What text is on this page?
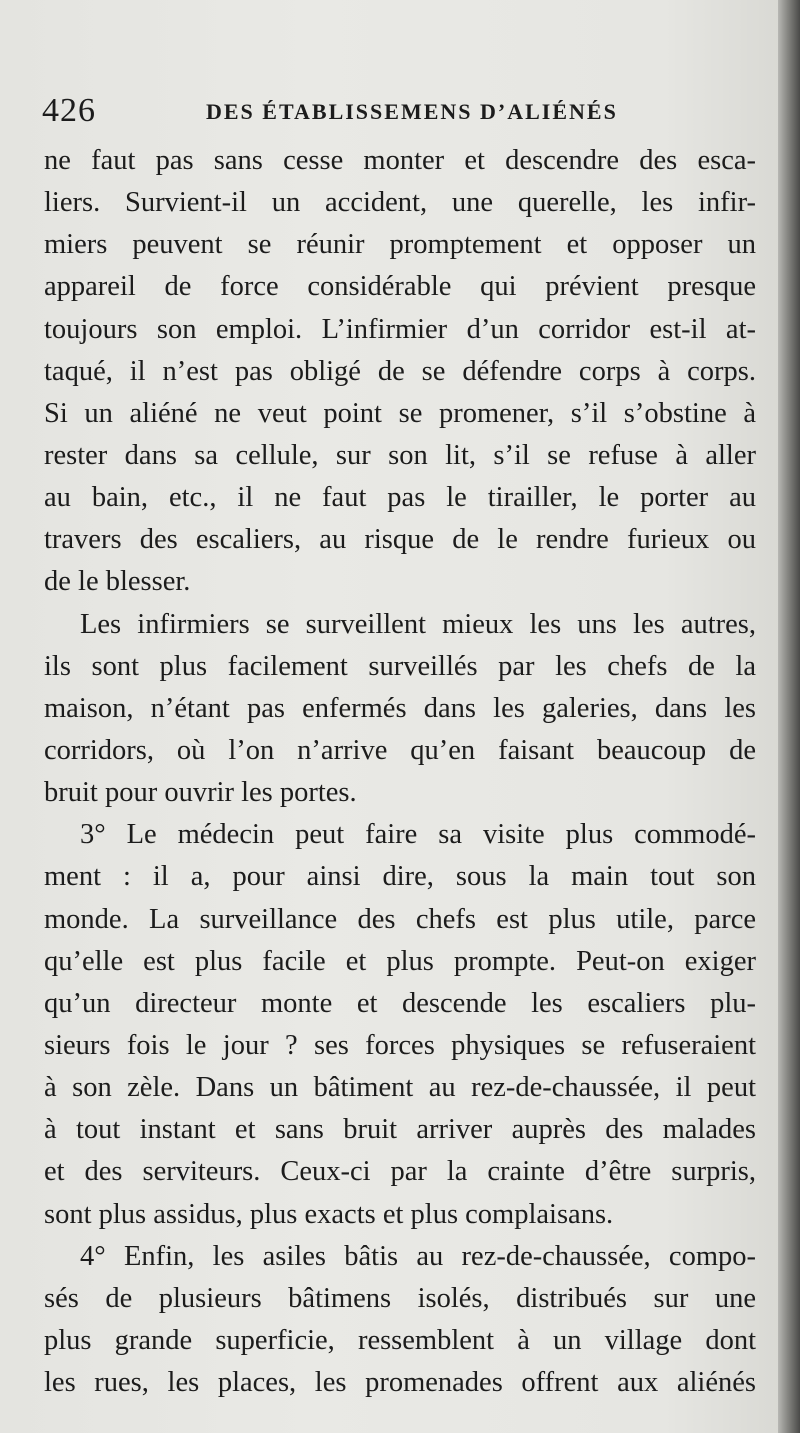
426	DES ÉTABLISSEMENS D’ALIÉNÉS
ne faut pas sans cesse monter et descendre des esca-
liers. Survient-il un accident, une querelle, les infir-
miers peuvent se réunir promptement et opposer un
appareil de force considérable qui prévient presque
toujours son emploi. L’infirmier d’un corridor est-il at-
taqué, il n’est pas obligé de se défendre corps à corps.
Si un aliéné ne veut point se promener, s’il s’obstine à
rester dans sa cellule, sur son lit, s’il se refuse à aller
au bain, etc., il ne faut pas le tirailler, le porter au
travers des escaliers, au risque de le rendre furieux ou
de le blesser.
Les infirmiers se surveillent mieux les uns les autres,
ils sont plus facilement surveillés par les chefs de la
maison, n’étant pas enfermés dans les galeries, dans les
corridors, où l’on n’arrive qu’en faisant beaucoup de
bruit pour ouvrir les portes.
3° Le médecin peut faire sa visite plus commodé-
ment : il a, pour ainsi dire, sous la main tout son
monde. La surveillance des chefs est plus utile, parce
qu’elle est plus facile et plus prompte. Peut-on exiger
qu’un directeur monte et descende les escaliers plu-
sieurs fois le jour ? ses forces physiques se refuseraient
à son zèle. Dans un bâtiment au rez-de-chaussée, il peut
à tout instant et sans bruit arriver auprès des malades
et des serviteurs. Ceux-ci par la crainte d’être surpris,
sont plus assidus, plus exacts et plus complaisans.
4° Enfin, les asiles bâtis au rez-de-chaussée, compo-
sés de plusieurs bâtimens isolés, distribués sur une
plus grande superficie, ressemblent à un village dont
les rues, les places, les promenades offrent aux aliénés
